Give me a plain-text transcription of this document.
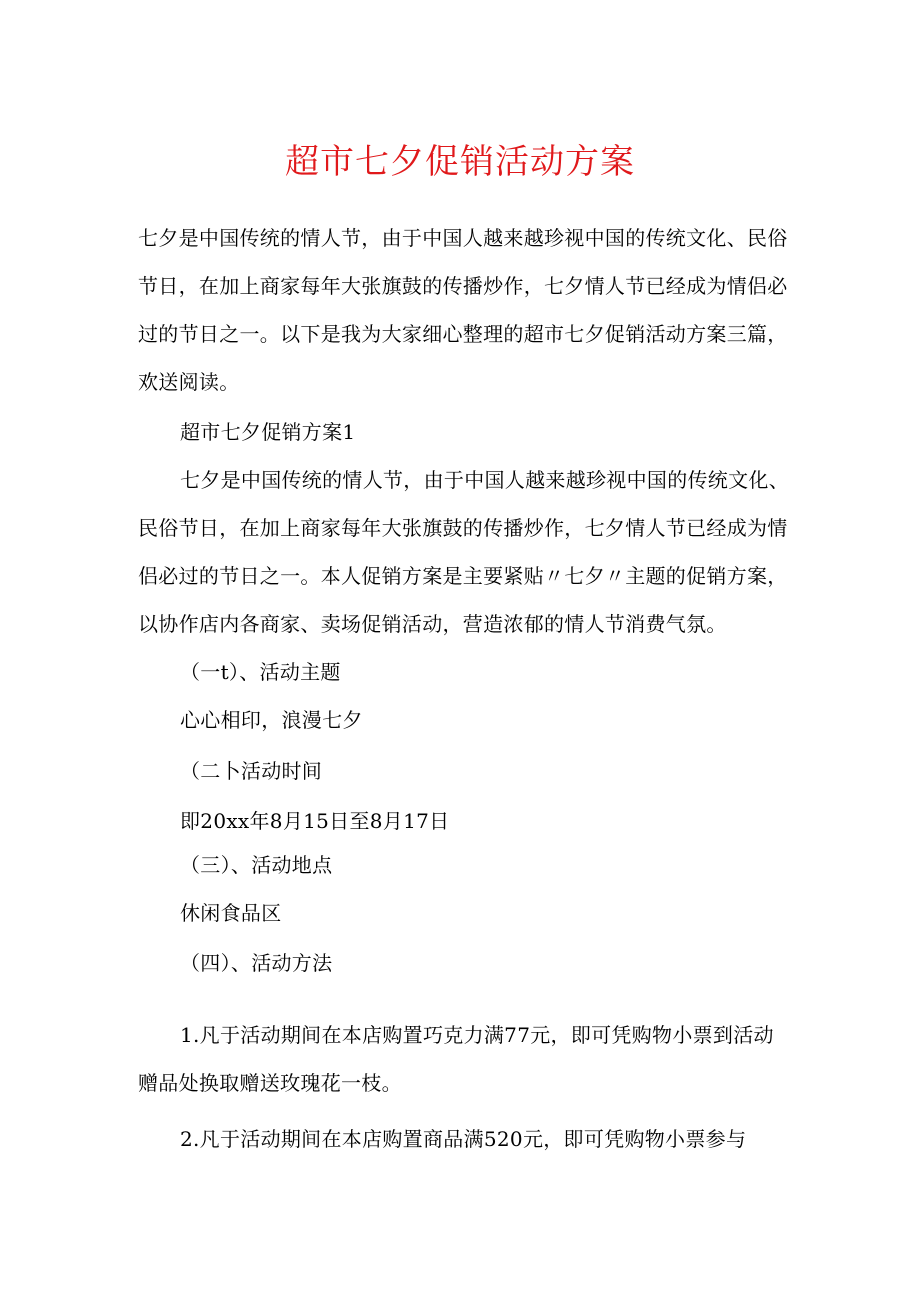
超市七夕促销活动方案
七夕是中国传统的情人节，由于中国人越来越珍视中国的传统文化、民俗
节日，在加上商家每年大张旗鼓的传播炒作，七夕情人节已经成为情侣必
过的节日之一。以下是我为大家细心整理的超市七夕促销活动方案三篇，
欢送阅读。
超市七夕促销方案1
七夕是中国传统的情人节，由于中国人越来越珍视中国的传统文化、
民俗节日，在加上商家每年大张旗鼓的传播炒作，七夕情人节已经成为情
侣必过的节日之一。本人促销方案是主要紧贴〃七夕〃主题的促销方案，
以协作店内各商家、卖场促销活动，营造浓郁的情人节消费气氛。
（一t）、活动主题
心心相印，浪漫七夕
（二卜活动时间
即20xx年8月15日至8月17日
（三）、活动地点
休闲食品区
（四）、活动方法
1.凡于活动期间在本店购置巧克力满77元，即可凭购物小票到活动
赠品处换取赠送玫瑰花一枝。
2.凡于活动期间在本店购置商品满520元，即可凭购物小票参与
